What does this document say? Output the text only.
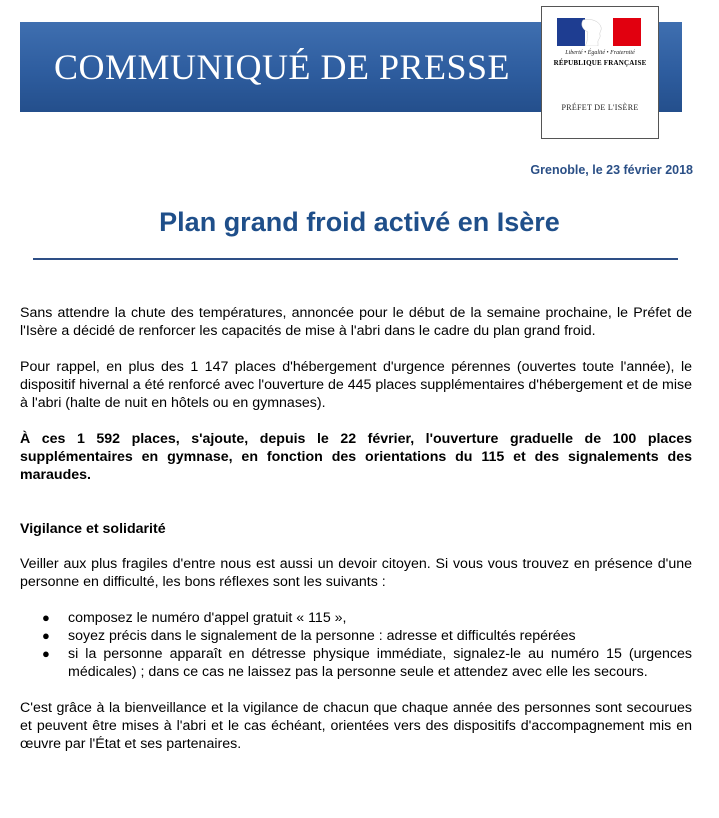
COMMUNIQUÉ DE PRESSE	Liberté • Égalité • Fraternité
RÉPUBLIQUE FRANÇAISE
PRÉFET DE L'ISÈRE
Grenoble, le 23 février 2018
Plan grand froid activé en Isère

Sans attendre la chute des températures, annoncée pour le début de la semaine prochaine, le Préfet de l'Isère a décidé de renforcer les capacités de mise à l'abri dans le cadre du plan grand froid.

Pour rappel, en plus des 1 147 places d'hébergement d'urgence pérennes (ouvertes toute l'année), le dispositif hivernal a été renforcé avec l'ouverture de 445 places supplémentaires d'hébergement et de mise à l'abri (halte de nuit en hôtels ou en gymnases).

À ces 1 592 places, s'ajoute, depuis le 22 février, l'ouverture graduelle de 100 places supplémentaires en gymnase, en fonction des orientations du 115 et des signalements des maraudes.

Vigilance et solidarité

Veiller aux plus fragiles d'entre nous est aussi un devoir citoyen. Si vous vous trouvez en présence d'une personne en difficulté, les bons réflexes sont les suivants :

● composez le numéro d'appel gratuit « 115 »,
● soyez précis dans le signalement de la personne : adresse et difficultés repérées
● si la personne apparaît en détresse physique immédiate, signalez-le au numéro 15 (urgences médicales) ; dans ce cas ne laissez pas la personne seule et attendez avec elle les secours.

C'est grâce à la bienveillance et la vigilance de chacun que chaque année des personnes sont secourues et peuvent être mises à l'abri et le cas échéant, orientées vers des dispositifs d'accompagnement mis en œuvre par l'État et ses partenaires.
